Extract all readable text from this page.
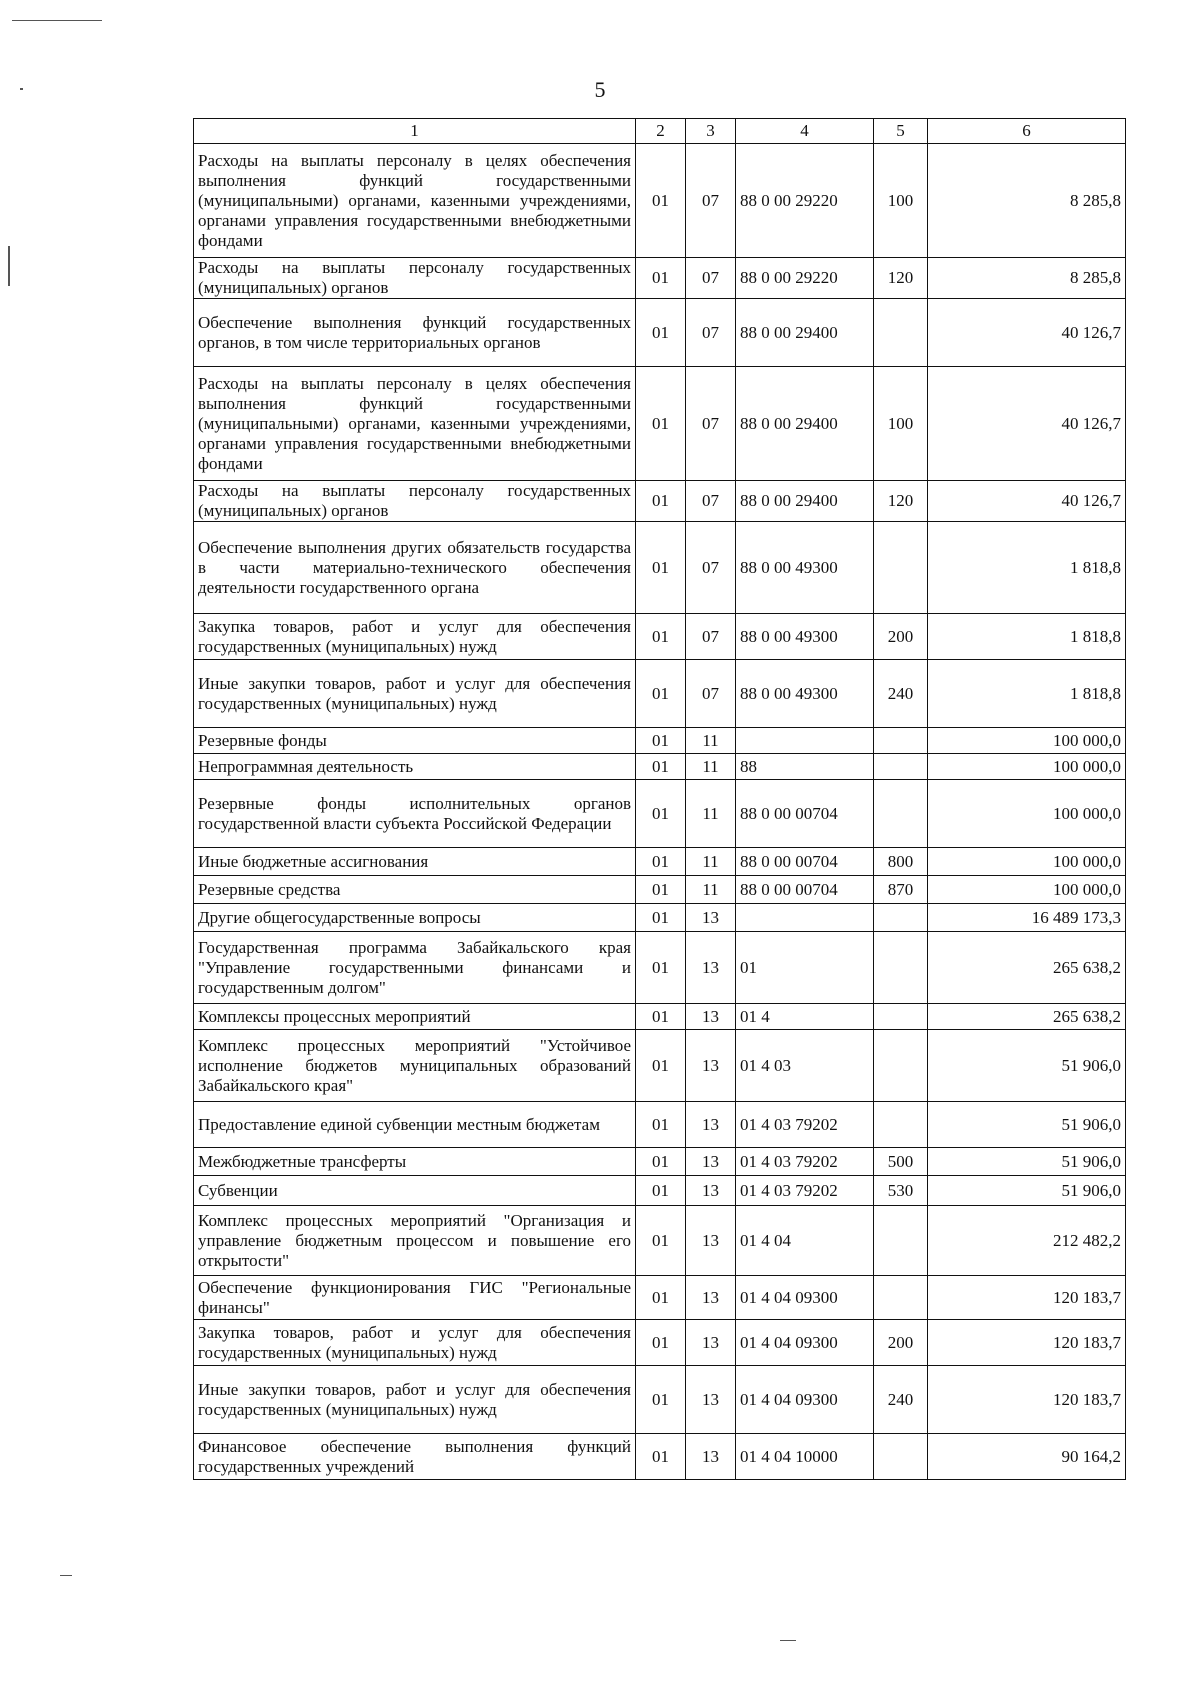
5
1	2	3	4	5	6
Расходы на выплаты персоналу в целях обеспечения выполнения функций государственными (муниципальными) органами, казенными учреждениями, органами управления государственными внебюджетными фондами	01	07	88 0 00 29220	100	8 285,8
Расходы на выплаты персоналу государственных (муниципальных) органов	01	07	88 0 00 29220	120	8 285,8
Обеспечение выполнения функций государственных органов, в том числе территориальных органов	01	07	88 0 00 29400		40 126,7
Расходы на выплаты персоналу в целях обеспечения выполнения функций государственными (муниципальными) органами, казенными учреждениями, органами управления государственными внебюджетными фондами	01	07	88 0 00 29400	100	40 126,7
Расходы на выплаты персоналу государственных (муниципальных) органов	01	07	88 0 00 29400	120	40 126,7
Обеспечение выполнения других обязательств государства в части материально-технического обеспечения деятельности государственного органа	01	07	88 0 00 49300		1 818,8
Закупка товаров, работ и услуг для обеспечения государственных (муниципальных) нужд	01	07	88 0 00 49300	200	1 818,8
Иные закупки товаров, работ и услуг для обеспечения государственных (муниципальных) нужд	01	07	88 0 00 49300	240	1 818,8
Резервные фонды	01	11			100 000,0
Непрограммная деятельность	01	11	88		100 000,0
Резервные фонды исполнительных органов государственной власти субъекта Российской Федерации	01	11	88 0 00 00704		100 000,0
Иные бюджетные ассигнования	01	11	88 0 00 00704	800	100 000,0
Резервные средства	01	11	88 0 00 00704	870	100 000,0
Другие общегосударственные вопросы	01	13			16 489 173,3
Государственная программа Забайкальского края "Управление государственными финансами и государственным долгом"	01	13	01		265 638,2
Комплексы процессных мероприятий	01	13	01 4		265 638,2
Комплекс процессных мероприятий "Устойчивое исполнение бюджетов муниципальных образований Забайкальского края"	01	13	01 4 03		51 906,0
Предоставление единой субвенции местным бюджетам	01	13	01 4 03 79202		51 906,0
Межбюджетные трансферты	01	13	01 4 03 79202	500	51 906,0
Субвенции	01	13	01 4 03 79202	530	51 906,0
Комплекс процессных мероприятий "Организация и управление бюджетным процессом и повышение его открытости"	01	13	01 4 04		212 482,2
Обеспечение функционирования ГИС "Региональные финансы"	01	13	01 4 04 09300		120 183,7
Закупка товаров, работ и услуг для обеспечения государственных (муниципальных) нужд	01	13	01 4 04 09300	200	120 183,7
Иные закупки товаров, работ и услуг для обеспечения государственных (муниципальных) нужд	01	13	01 4 04 09300	240	120 183,7
Финансовое обеспечение выполнения функций государственных учреждений	01	13	01 4 04 10000		90 164,2
